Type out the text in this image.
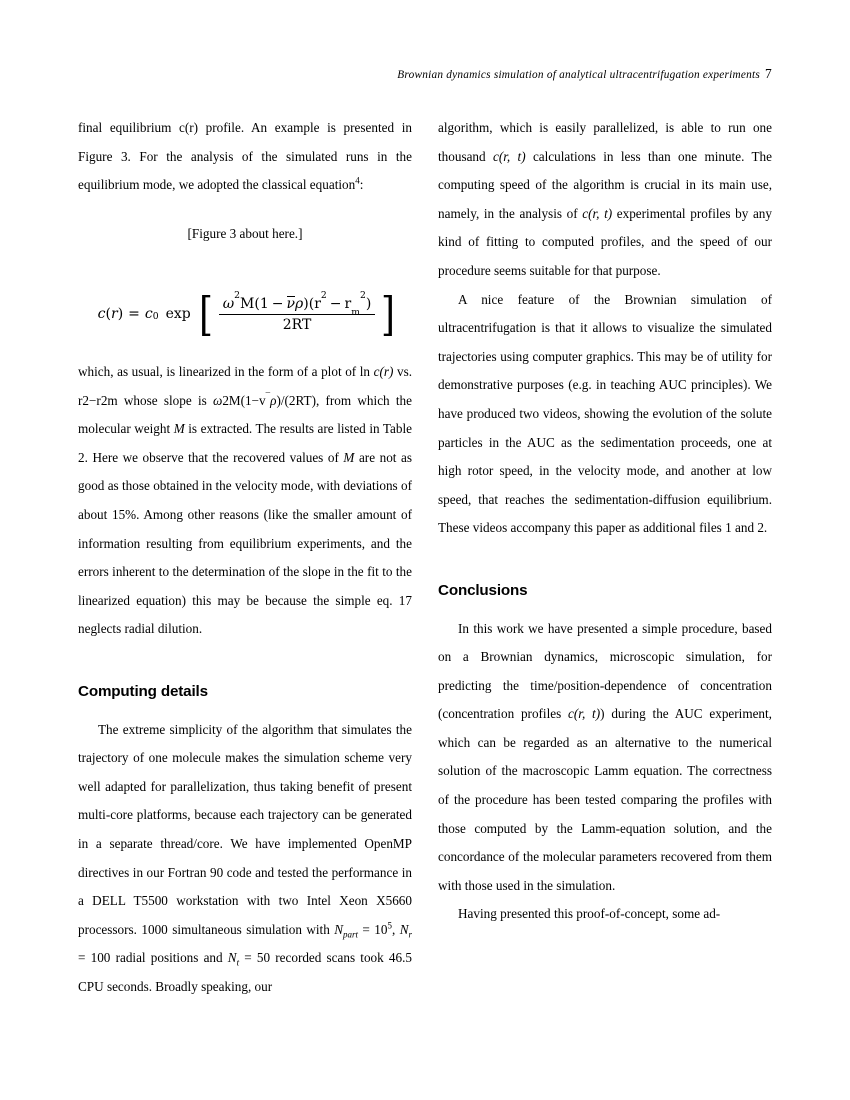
Brownian dynamics simulation of analytical ultracentrifugation experiments 7

final equilibrium c(r) profile. An example is presented in Figure 3. For the analysis of the simulated runs in the equilibrium mode, we adopted the classical equation$^4$:

[Figure 3 about here.]

c ( r ) = $c_0$ exp [ $\frac{\omega^2M(1 - \nu\rho)(r^2- r_m^2)}{2RT}$ ]

which, as usual, is linearized in the form of a plot of ln c(r) vs. r2−r2m whose slope is ω2M(1−v¯ρ)/(2RT), from which the molecular weight M is extracted. The results are listed in Table 2. Here we observe that the recovered values of M are not as good as those obtained in the velocity mode, with deviations of about 15%. Among other reasons (like the smaller amount of information resulting from equilibrium experiments, and the errors inherent to the determination of the slope in the fit to the linearized equation) this may be because the simple eq. 17 neglects radial dilution.

Computing details

The extreme simplicity of the algorithm that simulates the trajectory of one molecule makes the simulation scheme very well adapted for parallelization, thus taking benefit of present multi-core platforms, because each trajectory can be generated in a separate thread/core. We have implemented OpenMP directives in our Fortran 90 code and tested the performance in a DELL T5500 workstation with two Intel Xeon X5660 processors. 1000 simultaneous simulation with $N_{part} = 10^5$, $N_r = 100$ radial positions and $N_t = 50$ recorded scans took 46.5 CPU seconds. Broadly speaking, our

algorithm, which is easily parallelized, is able to run one thousand c(r, t) calculations in less than one minute. The computing speed of the algorithm is crucial in its main use, namely, in the analysis of c(r, t) experimental profiles by any kind of fitting to computed profiles, and the speed of our procedure seems suitable for that purpose.

A nice feature of the Brownian simulation of ultracentrifugation is that it allows to visualize the simulated trajectories using computer graphics. This may be of utility for demonstrative purposes (e.g. in teaching AUC principles). We have produced two videos, showing the evolution of the solute particles in the AUC as the sedimentation proceeds, one at high rotor speed, in the velocity mode, and another at low speed, that reaches the sedimentation-diffusion equilibrium. These videos accompany this paper as additional files 1 and 2.

Conclusions

In this work we have presented a simple procedure, based on a Brownian dynamics, microscopic simulation, for predicting the time/position-dependence of concentration (concentration profiles c(r, t)) during the AUC experiment, which can be regarded as an alternative to the numerical solution of the macroscopic Lamm equation. The correctness of the procedure has been tested comparing the profiles with those computed by the Lamm-equation solution, and the concordance of the molecular parameters recovered from them with those used in the simulation.

Having presented this proof-of-concept, some ad-
